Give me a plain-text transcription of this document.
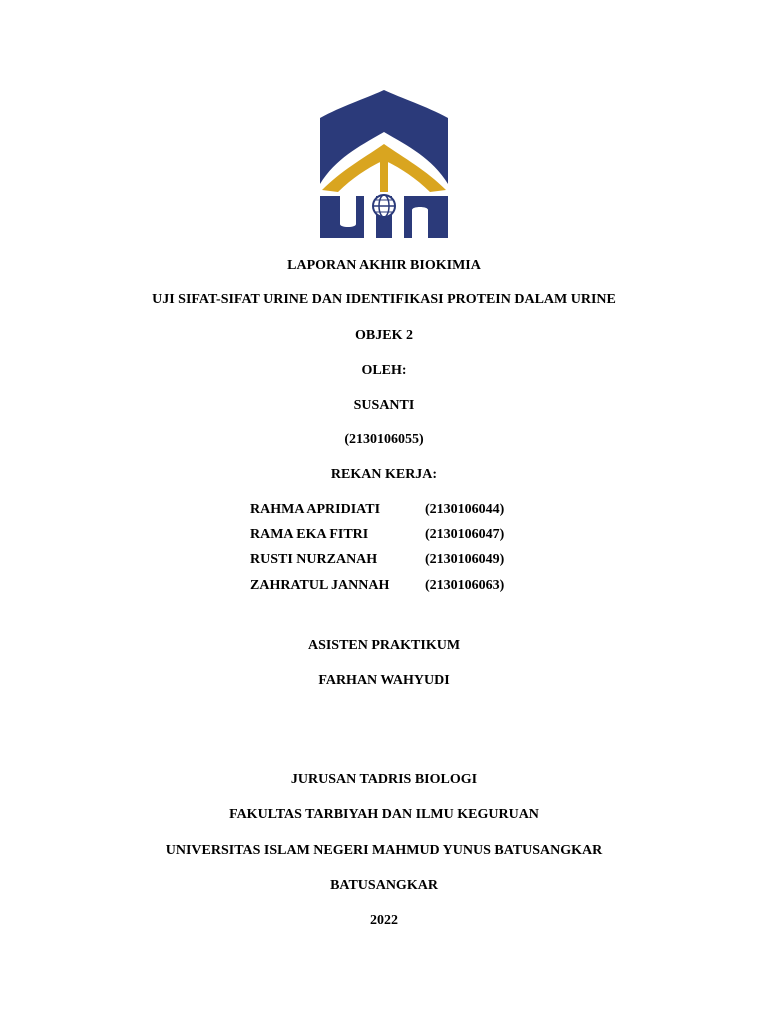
LAPORAN AKHIR BIOKIMIA
UJI SIFAT-SIFAT URINE DAN IDENTIFIKASI PROTEIN DALAM URINE
OBJEK 2
OLEH:
SUSANTI
(2130106055)
REKAN KERJA:
RAHMA APRIDIATI	(2130106044)
RAMA EKA FITRI	(2130106047)
RUSTI NURZANAH	(2130106049)
ZAHRATUL JANNAH	(2130106063)
ASISTEN PRAKTIKUM
FARHAN WAHYUDI
JURUSAN TADRIS BIOLOGI
FAKULTAS TARBIYAH DAN ILMU KEGURUAN
UNIVERSITAS ISLAM NEGERI MAHMUD YUNUS BATUSANGKAR
BATUSANGKAR
2022
